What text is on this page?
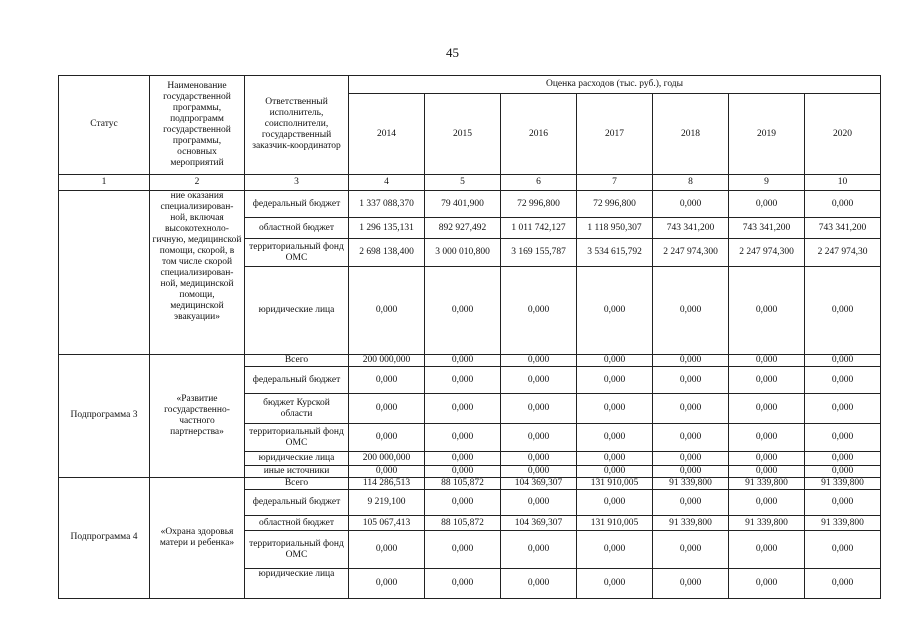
45
Статус	Наименование государственной программы, подпрограмм государственной программы, основных мероприятий	Ответственный исполнитель, соисполнители, государственный заказчик-координатор	Оценка расходов (тыс. руб.), годы						
			2014	2015	2016	2017	2018	2019	2020
1	2	3	4	5	6	7	8	9	10
	ние оказания специализирован-ной, включая высокотехноло-гичную, медицинской помощи, скорой, в том числе скорой специализирован-ной, медицинской помощи, медицинской эвакуации»	федеральный бюджет	1 337 088,370	79 401,900	72 996,800	72 996,800	0,000	0,000	0,000
		областной бюджет	1 296 135,131	892 927,492	1 011 742,127	1 118 950,307	743 341,200	743 341,200	743 341,200
		территориальный фонд ОМС	2 698 138,400	3 000 010,800	3 169 155,787	3 534 615,792	2 247 974,300	2 247 974,300	2 247 974,30
		юридические лица	0,000	0,000	0,000	0,000	0,000	0,000	0,000
Подпрограмма 3	«Развитие государственно-частного партнерства»	Всего	200 000,000	0,000	0,000	0,000	0,000	0,000	0,000
		федеральный бюджет	0,000	0,000	0,000	0,000	0,000	0,000	0,000
		бюджет Курской области	0,000	0,000	0,000	0,000	0,000	0,000	0,000
		территориальный фонд ОМС	0,000	0,000	0,000	0,000	0,000	0,000	0,000
		юридические лица	200 000,000	0,000	0,000	0,000	0,000	0,000	0,000
		иные источники	0,000	0,000	0,000	0,000	0,000	0,000	0,000
Подпрограмма 4	«Охрана здоровья матери и ребенка»	Всего	114 286,513	88 105,872	104 369,307	131 910,005	91 339,800	91 339,800	91 339,800
		федеральный бюджет	9 219,100	0,000	0,000	0,000	0,000	0,000	0,000
		областной бюджет	105 067,413	88 105,872	104 369,307	131 910,005	91 339,800	91 339,800	91 339,800
		территориальный фонд ОМС	0,000	0,000	0,000	0,000	0,000	0,000	0,000
		юридические лица	0,000	0,000	0,000	0,000	0,000	0,000	0,000
